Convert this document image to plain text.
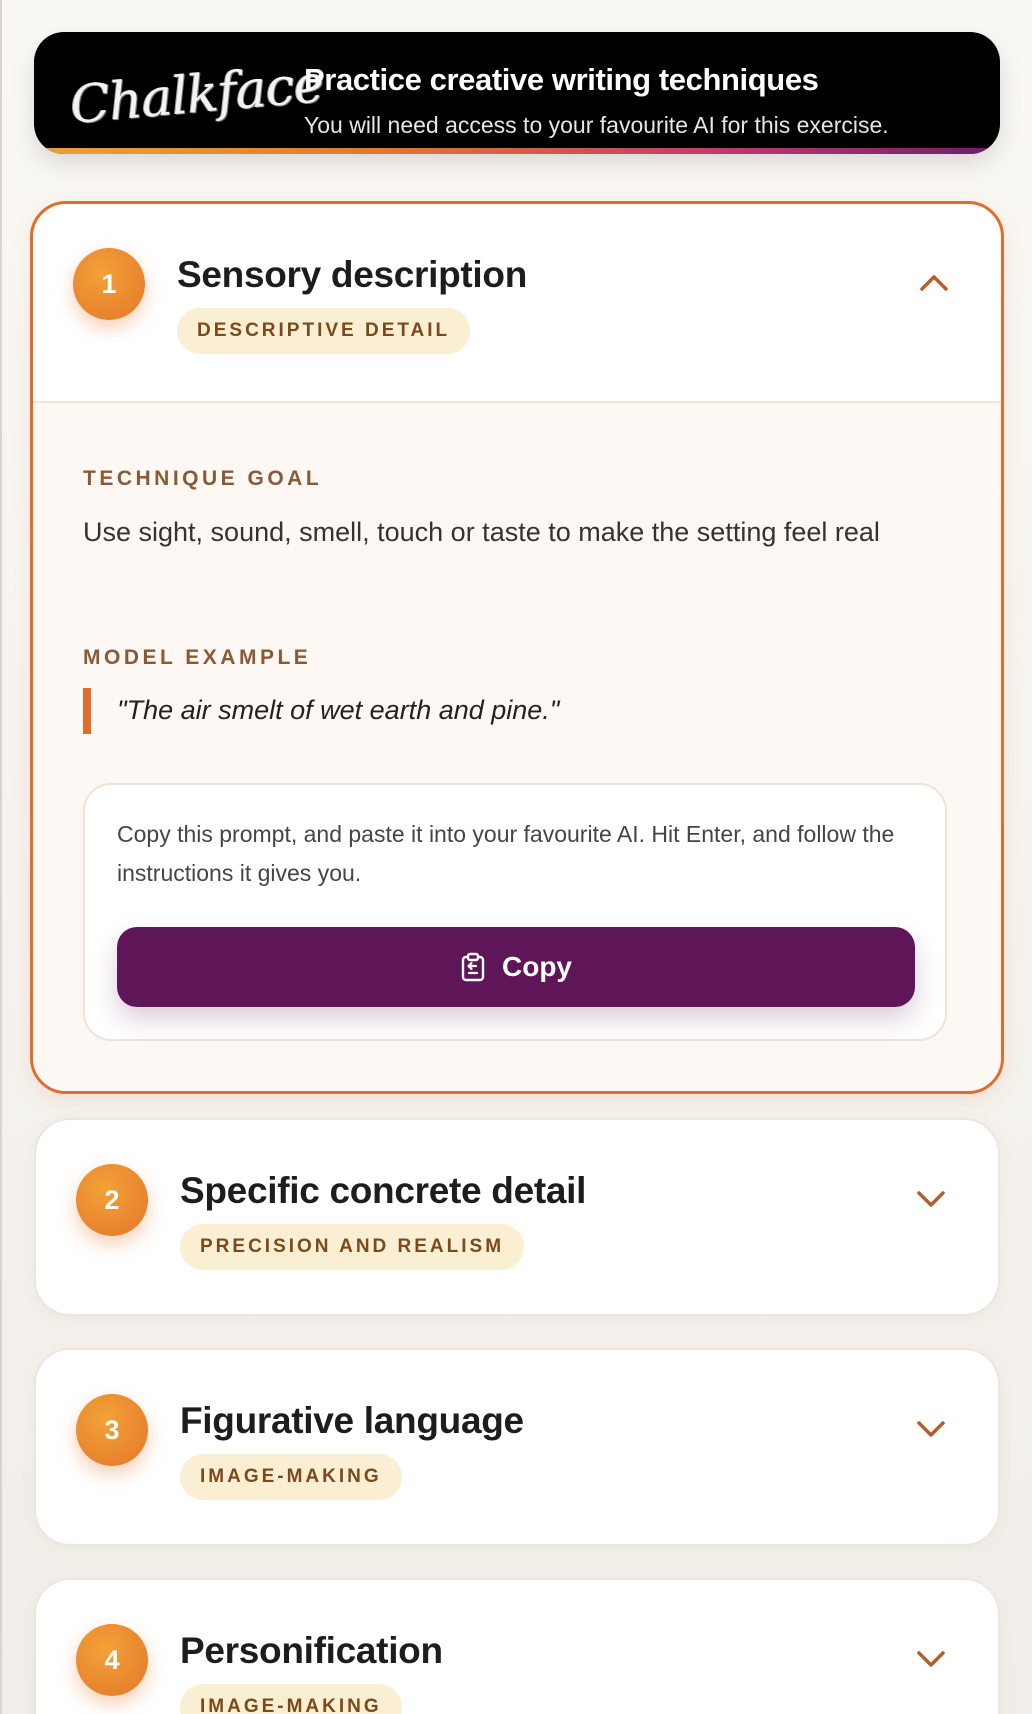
Chalkface
Practice creative writing techniques
You will need access to your favourite AI for this exercise.
1	Sensory description
DESCRIPTIVE DETAIL
TECHNIQUE GOAL
Use sight, sound, smell, touch or taste to make the setting feel real
MODEL EXAMPLE
"The air smelt of wet earth and pine."
Copy this prompt, and paste it into your favourite AI. Hit Enter, and follow the instructions it gives you.
Copy
2	Specific concrete detail
PRECISION AND REALISM
3	Figurative language
IMAGE-MAKING
4	Personification
IMAGE-MAKING
